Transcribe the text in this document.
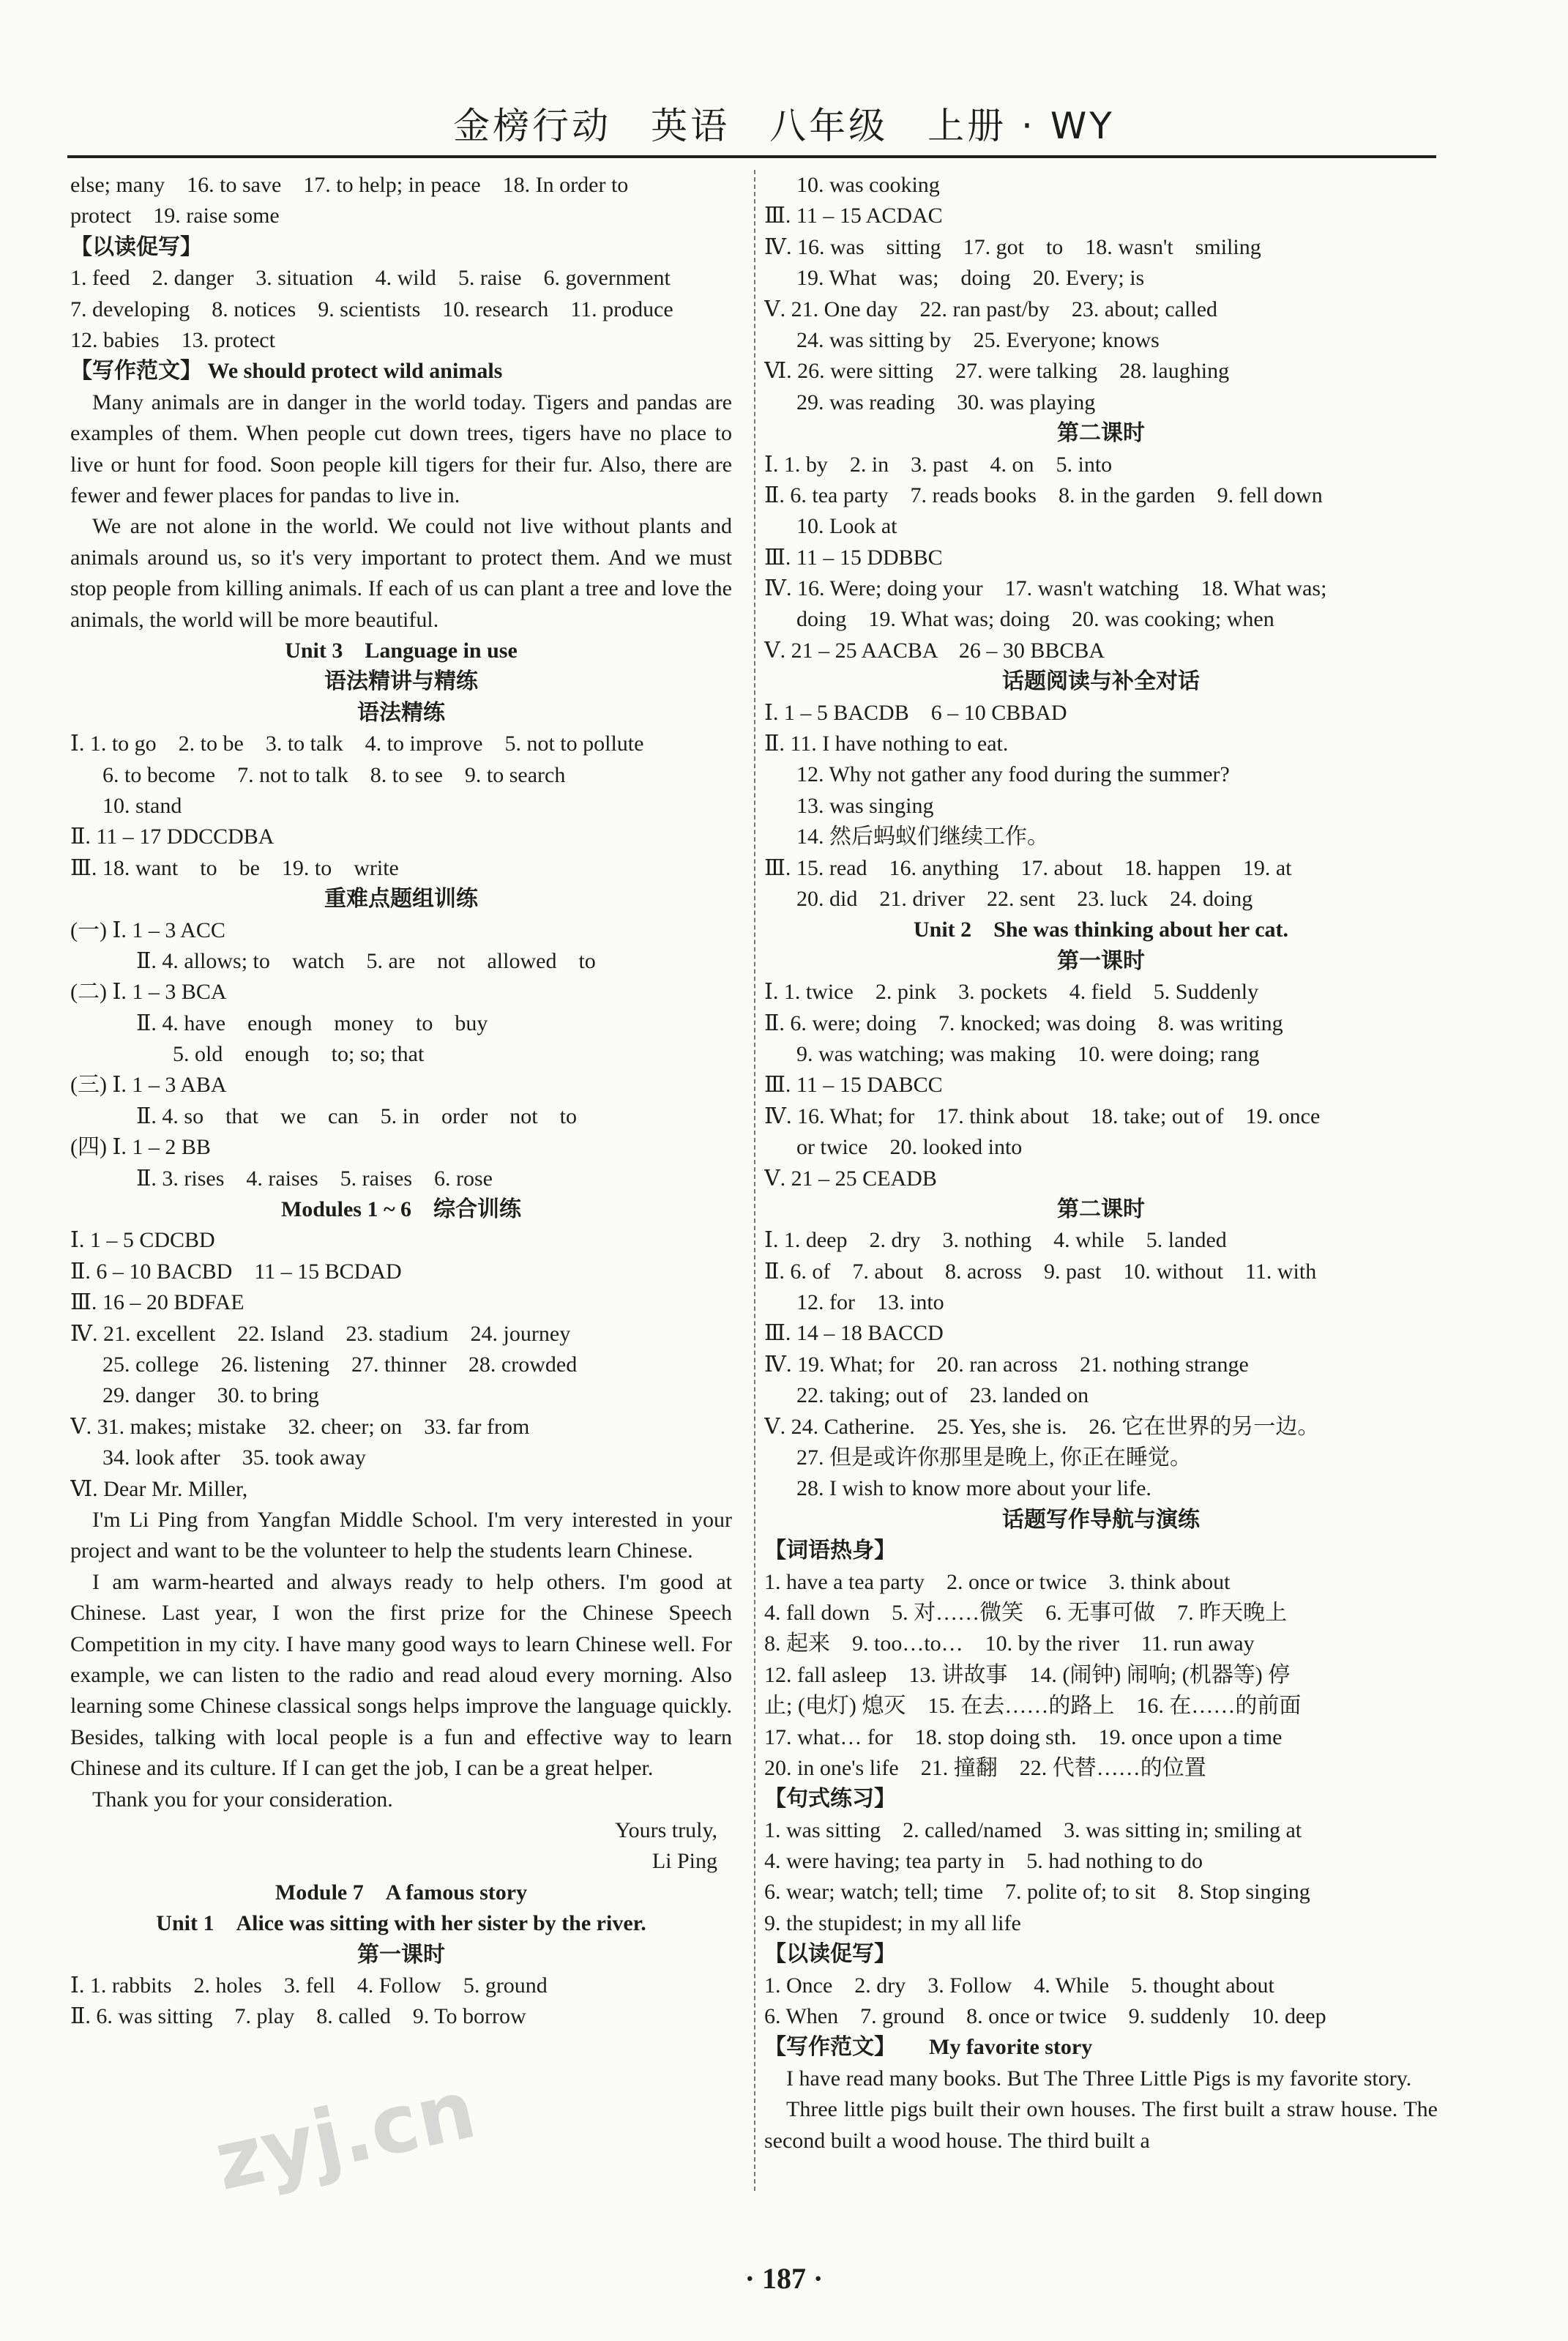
金榜行动　英语　八年级　上册 · WY
else; many　16. to save　17. to help; in peace　18. In order to
protect　19. raise some
【以读促写】
1. feed　2. danger　3. situation　4. wild　5. raise　6. government
7. developing　8. notices　9. scientists　10. research　11. produce
12. babies　13. protect
【写作范文】 We should protect wild animals
Many animals are in danger in the world today. Tigers and pandas are examples of them. When people cut down trees, tigers have no place to live or hunt for food. Soon people kill tigers for their fur. Also, there are fewer and fewer places for pandas to live in.
We are not alone in the world. We could not live without plants and animals around us, so it's very important to protect them. And we must stop people from killing animals. If each of us can plant a tree and love the animals, the world will be more beautiful.
Unit 3　Language in use
语法精讲与精练
语法精练
Ⅰ. 1. to go　2. to be　3. to talk　4. to improve　5. not to pollute
6. to become　7. not to talk　8. to see　9. to search
10. stand
Ⅱ. 11 – 17 DDCCDBA
Ⅲ. 18. want　to　be　19. to　write
重难点题组训练
(一) Ⅰ. 1 – 3 ACC
Ⅱ. 4. allows; to　watch　5. are　not　allowed　to
(二) Ⅰ. 1 – 3 BCA
Ⅱ. 4. have　enough　money　to　buy
5. old　enough　to; so; that
(三) Ⅰ. 1 – 3 ABA
Ⅱ. 4. so　that　we　can　5. in　order　not　to
(四) Ⅰ. 1 – 2 BB
Ⅱ. 3. rises　4. raises　5. raises　6. rose
Modules 1 ~ 6　综合训练
Ⅰ. 1 – 5 CDCBD
Ⅱ. 6 – 10 BACBD　11 – 15 BCDAD
Ⅲ. 16 – 20 BDFAE
Ⅳ. 21. excellent　22. Island　23. stadium　24. journey
25. college　26. listening　27. thinner　28. crowded
29. danger　30. to bring
Ⅴ. 31. makes; mistake　32. cheer; on　33. far from
34. look after　35. took away
Ⅵ. Dear Mr. Miller,
I'm Li Ping from Yangfan Middle School. I'm very interested in your project and want to be the volunteer to help the students learn Chinese.
I am warm-hearted and always ready to help others. I'm good at Chinese. Last year, I won the first prize for the Chinese Speech Competition in my city. I have many good ways to learn Chinese well. For example, we can listen to the radio and read aloud every morning. Also learning some Chinese classical songs helps improve the language quickly. Besides, talking with local people is a fun and effective way to learn Chinese and its culture. If I can get the job, I can be a great helper.
Thank you for your consideration.
Yours truly,
Li Ping
Module 7　A famous story
Unit 1　Alice was sitting with her sister by the river.
第一课时
Ⅰ. 1. rabbits　2. holes　3. fell　4. Follow　5. ground
Ⅱ. 6. was sitting　7. play　8. called　9. To borrow
10. was cooking
Ⅲ. 11 – 15 ACDAC
Ⅳ. 16. was　sitting　17. got　to　18. wasn't　smiling
19. What　was;　doing　20. Every; is
Ⅴ. 21. One day　22. ran past/by　23. about; called
24. was sitting by　25. Everyone; knows
Ⅵ. 26. were sitting　27. were talking　28. laughing
29. was reading　30. was playing
第二课时
Ⅰ. 1. by　2. in　3. past　4. on　5. into
Ⅱ. 6. tea party　7. reads books　8. in the garden　9. fell down
10. Look at
Ⅲ. 11 – 15 DDBBC
Ⅳ. 16. Were; doing your　17. wasn't watching　18. What was;
doing　19. What was; doing　20. was cooking; when
Ⅴ. 21 – 25 AACBA　26 – 30 BBCBA
话题阅读与补全对话
Ⅰ. 1 – 5 BACDB　6 – 10 CBBAD
Ⅱ. 11. I have nothing to eat.
12. Why not gather any food during the summer?
13. was singing
14. 然后蚂蚁们继续工作。
Ⅲ. 15. read　16. anything　17. about　18. happen　19. at
20. did　21. driver　22. sent　23. luck　24. doing
Unit 2　She was thinking about her cat.
第一课时
Ⅰ. 1. twice　2. pink　3. pockets　4. field　5. Suddenly
Ⅱ. 6. were; doing　7. knocked; was doing　8. was writing
9. was watching; was making　10. were doing; rang
Ⅲ. 11 – 15 DABCC
Ⅳ. 16. What; for　17. think about　18. take; out of　19. once
or twice　20. looked into
Ⅴ. 21 – 25 CEADB
第二课时
Ⅰ. 1. deep　2. dry　3. nothing　4. while　5. landed
Ⅱ. 6. of　7. about　8. across　9. past　10. without　11. with
12. for　13. into
Ⅲ. 14 – 18 BACCD
Ⅳ. 19. What; for　20. ran across　21. nothing strange
22. taking; out of　23. landed on
Ⅴ. 24. Catherine.　25. Yes, she is.　26. 它在世界的另一边。
27. 但是或许你那里是晚上, 你正在睡觉。
28. I wish to know more about your life.
话题写作导航与演练
【词语热身】
1. have a tea party　2. once or twice　3. think about
4. fall down　5. 对……微笑　6. 无事可做　7. 昨天晚上
8. 起来　9. too…to…　10. by the river　11. run away
12. fall asleep　13. 讲故事　14. (闹钟) 闹响; (机器等) 停
止; (电灯) 熄灭　15. 在去……的路上　16. 在……的前面
17. what… for　18. stop doing sth.　19. once upon a time
20. in one's life　21. 撞翻　22. 代替……的位置
【句式练习】
1. was sitting　2. called/named　3. was sitting in; smiling at
4. were having; tea party in　5. had nothing to do
6. wear; watch; tell; time　7. polite of; to sit　8. Stop singing
9. the stupidest; in my all life
【以读促写】
1. Once　2. dry　3. Follow　4. While　5. thought about
6. When　7. ground　8. once or twice　9. suddenly　10. deep
【写作范文】　　My favorite story
I have read many books. But The Three Little Pigs is my favorite story.
Three little pigs built their own houses. The first built a straw house. The second built a wood house. The third built a
zyj.cn
· 187 ·
